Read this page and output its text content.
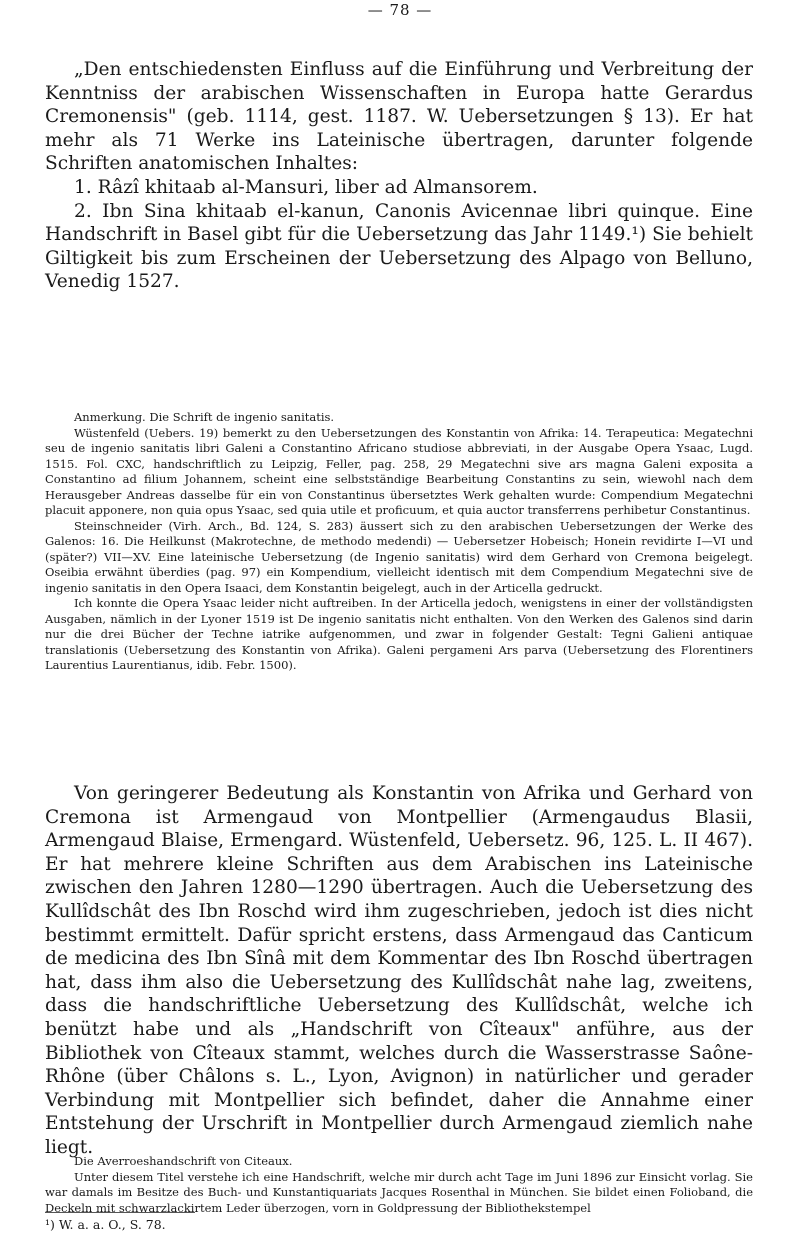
— 78 —

„Den entschiedensten Einfluss auf die Einführung und Verbreitung der Kenntniss der arabischen Wissenschaften in Europa hatte Gerardus Cremonensis" (geb. 1114, gest. 1187. W. Uebersetzungen § 13). Er hat mehr als 71 Werke ins Lateinische übertragen, darunter folgende Schriften anatomischen Inhaltes:

1. Râzî khitaab al-Mansuri, liber ad Almansorem.

2. Ibn Sina khitaab el-kanun, Canonis Avicennae libri quinque. Eine Handschrift in Basel gibt für die Uebersetzung das Jahr 1149.¹) Sie behielt Giltigkeit bis zum Erscheinen der Uebersetzung des Alpago von Belluno, Venedig 1527.

Anmerkung. Die Schrift de ingenio sanitatis.

Wüstenfeld (Uebers. 19) bemerkt zu den Uebersetzungen des Konstantin von Afrika: 14. Terapeutica: Megatechni seu de ingenio sanitatis libri Galeni a Constantino Africano studiose abbreviati, in der Ausgabe Opera Ysaac, Lugd. 1515. Fol. CXC, handschriftlich zu Leipzig, Feller, pag. 258, 29 Megatechni sive ars magna Galeni exposita a Constantino ad filium Johannem, scheint eine selbstständige Bearbeitung Constantins zu sein, wiewohl nach dem Herausgeber Andreas dasselbe für ein von Constantinus übersetztes Werk gehalten wurde: Compendium Megatechni placuit apponere, non quia opus Ysaac, sed quia utile et proficuum, et quia auctor transferrens perhibetur Constantinus.

Steinschneider (Virh. Arch., Bd. 124, S. 283) äussert sich zu den arabischen Uebersetzungen der Werke des Galenos: 16. Die Heilkunst (Makrotechne, de methodo medendi) — Uebersetzer Hobeisch; Honein revidirte I—VI und (später?) VII—XV. Eine lateinische Uebersetzung (de Ingenio sanitatis) wird dem Gerhard von Cremona beigelegt. Oseibia erwähnt überdies (pag. 97) ein Kompendium, vielleicht identisch mit dem Compendium Megatechni sive de ingenio sanitatis in den Opera Isaaci, dem Konstantin beigelegt, auch in der Articella gedruckt.

Ich konnte die Opera Ysaac leider nicht auftreiben. In der Articella jedoch, wenigstens in einer der vollständigsten Ausgaben, nämlich in der Lyoner 1519 ist De ingenio sanitatis nicht enthalten. Von den Werken des Galenos sind darin nur die drei Bücher der Techne iatrike aufgenommen, und zwar in folgender Gestalt: Tegni Galieni antiquae translationis (Uebersetzung des Konstantin von Afrika). Galeni pergameni Ars parva (Uebersetzung des Florentiners Laurentius Laurentianus, idib. Febr. 1500).

Von geringerer Bedeutung als Konstantin von Afrika und Gerhard von Cremona ist Armengaud von Montpellier (Armengaudus Blasii, Armengaud Blaise, Ermengard. Wüstenfeld, Uebersetz. 96, 125. L. II 467). Er hat mehrere kleine Schriften aus dem Arabischen ins Lateinische zwischen den Jahren 1280—1290 übertragen. Auch die Uebersetzung des Kullîdschât des Ibn Roschd wird ihm zugeschrieben, jedoch ist dies nicht bestimmt ermittelt. Dafür spricht erstens, dass Armengaud das Canticum de medicina des Ibn Sînâ mit dem Kommentar des Ibn Roschd übertragen hat, dass ihm also die Uebersetzung des Kullîdschât nahe lag, zweitens, dass die handschriftliche Uebersetzung des Kullîdschât, welche ich benützt habe und als „Handschrift von Cîteaux" anführe, aus der Bibliothek von Cîteaux stammt, welches durch die Wasserstrasse Saône-Rhône (über Châlons s. L., Lyon, Avignon) in natürlicher und gerader Verbindung mit Montpellier sich befindet, daher die Annahme einer Entstehung der Urschrift in Montpellier durch Armengaud ziemlich nahe liegt.

Die Averroeshandschrift von Citeaux.

Unter diesem Titel verstehe ich eine Handschrift, welche mir durch acht Tage im Juni 1896 zur Einsicht vorlag. Sie war damals im Besitze des Buch- und Kunstantiquariats Jacques Rosenthal in München. Sie bildet einen Folioband, die Deckeln mit schwarzlackirtem Leder überzogen, vorn in Goldpressung der Bibliothekstempel

¹) W. a. a. O., S. 78.
